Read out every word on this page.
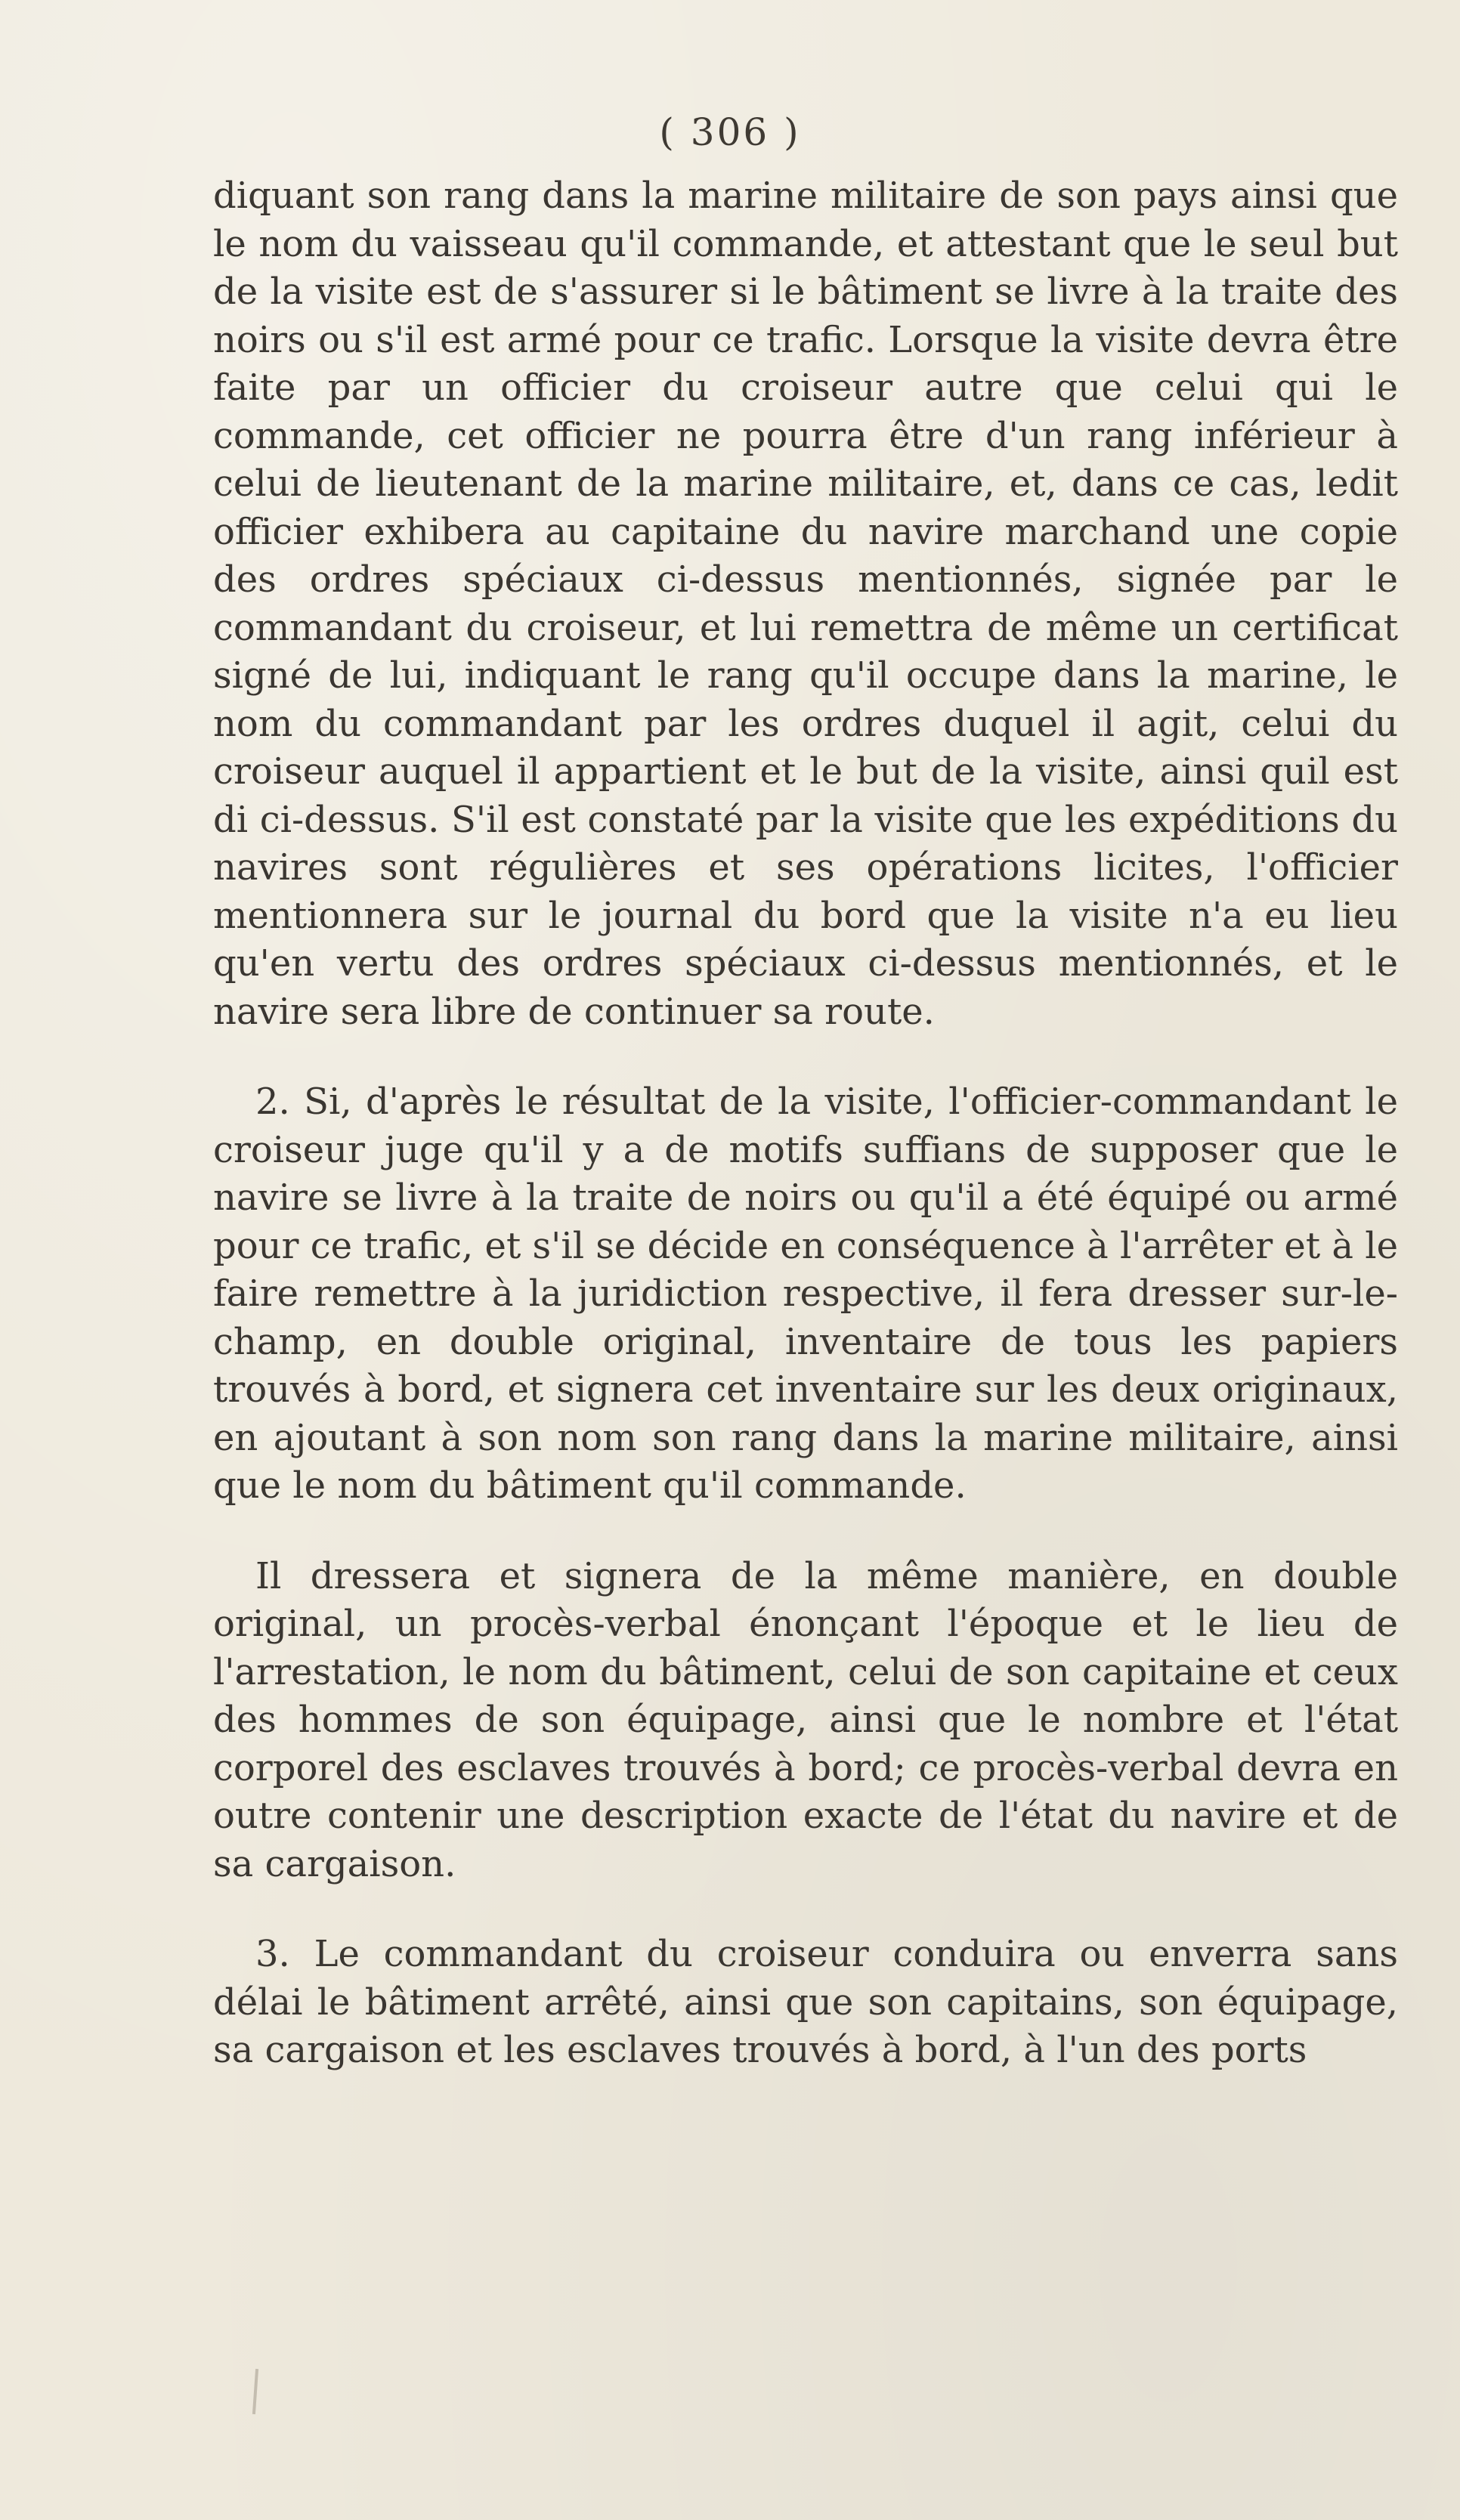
( 306 )

diquant son rang dans la marine militaire de son pays ainsi que le nom du vaisseau qu'il commande, et attestant que le seul but de la visite est de s'assurer si le bâtiment se livre à la traite des noirs ou s'il est armé pour ce trafic. Lorsque la visite devra être faite par un officier du croiseur autre que celui qui le commande, cet officier ne pourra être d'un rang inférieur à celui de lieutenant de la marine militaire, et, dans ce cas, ledit officier exhibera au capitaine du navire marchand une copie des ordres spéciaux ci-dessus mentionnés, signée par le commandant du croiseur, et lui remettra de même un certificat signé de lui, indiquant le rang qu'il occupe dans la marine, le nom du commandant par les ordres duquel il agit, celui du croiseur auquel il appartient et le but de la visite, ainsi quil est di ci-dessus. S'il est constaté par la visite que les expéditions du navires sont régulières et ses opérations licites, l'officier mentionnera sur le journal du bord que la visite n'a eu lieu qu'en vertu des ordres spéciaux ci-dessus mentionnés, et le navire sera libre de continuer sa route.

2. Si, d'après le résultat de la visite, l'officier-commandant le croiseur juge qu'il y a de motifs suffians de supposer que le navire se livre à la traite de noirs ou qu'il a été équipé ou armé pour ce trafic, et s'il se décide en conséquence à l'arrêter et à le faire remettre à la juridiction respective, il fera dresser sur-le-champ, en double original, inventaire de tous les papiers trouvés à bord, et signera cet inventaire sur les deux originaux, en ajoutant à son nom son rang dans la marine militaire, ainsi que le nom du bâtiment qu'il commande.

Il dressera et signera de la même manière, en double original, un procès-verbal énonçant l'époque et le lieu de l'arrestation, le nom du bâtiment, celui de son capitaine et ceux des hommes de son équipage, ainsi que le nombre et l'état corporel des esclaves trouvés à bord; ce procès-verbal devra en outre contenir une description exacte de l'état du navire et de sa cargaison.

3. Le commandant du croiseur conduira ou enverra sans délai le bâtiment arrêté, ainsi que son capitains, son équipage, sa cargaison et les esclaves trouvés à bord, à l'un des ports
